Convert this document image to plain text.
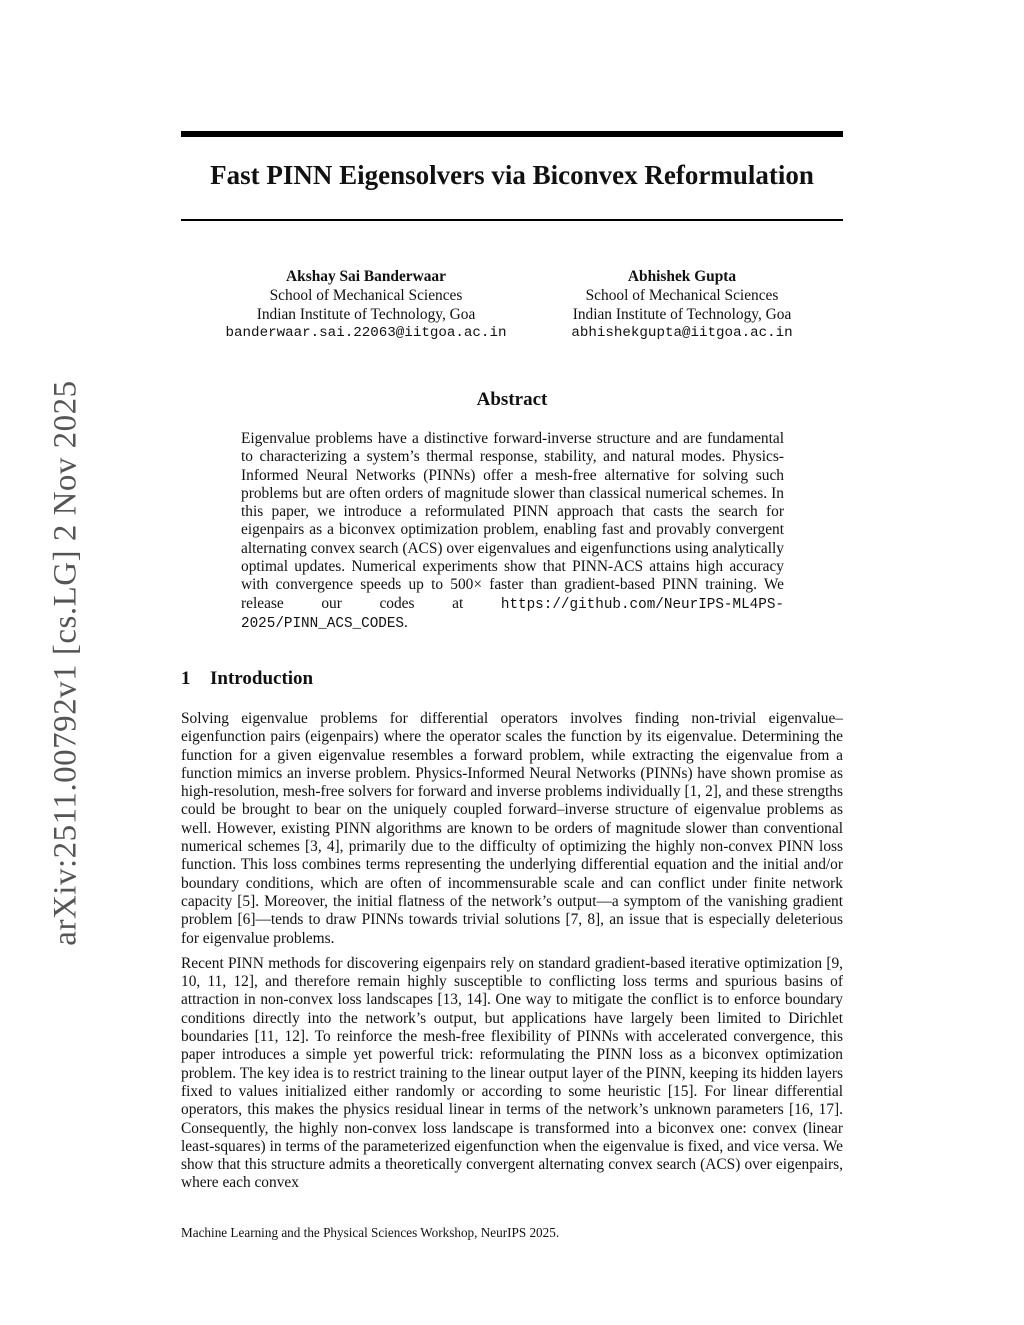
arXiv:2511.00792v1 [cs.LG] 2 Nov 2025
Fast PINN Eigensolvers via Biconvex Reformulation
Akshay Sai Banderwaar
School of Mechanical Sciences
Indian Institute of Technology, Goa
banderwaar.sai.22063@iitgoa.ac.in
Abhishek Gupta
School of Mechanical Sciences
Indian Institute of Technology, Goa
abhishekgupta@iitgoa.ac.in
Abstract

Eigenvalue problems have a distinctive forward-inverse structure and are fundamental to characterizing a system’s thermal response, stability, and natural modes. Physics-Informed Neural Networks (PINNs) offer a mesh-free alternative for solving such problems but are often orders of magnitude slower than classical numerical schemes. In this paper, we introduce a reformulated PINN approach that casts the search for eigenpairs as a biconvex optimization problem, enabling fast and provably convergent alternating convex search (ACS) over eigenvalues and eigenfunctions using analytically optimal updates. Numerical experiments show that PINN-ACS attains high accuracy with convergence speeds up to 500× faster than gradient-based PINN training. We release our codes at	https://github.com/NeurIPS-ML4PS-2025/PINN_ACS_CODES.

1 Introduction

Solving eigenvalue problems for differential operators involves finding non-trivial eigenvalue–eigenfunction pairs (eigenpairs) where the operator scales the function by its eigenvalue. Determining the function for a given eigenvalue resembles a forward problem, while extracting the eigenvalue from a function mimics an inverse problem. Physics-Informed Neural Networks (PINNs) have shown promise as high-resolution, mesh-free solvers for forward and inverse problems individually [1, 2], and these strengths could be brought to bear on the uniquely coupled forward–inverse structure of eigenvalue problems as well. However, existing PINN algorithms are known to be orders of magnitude slower than conventional numerical schemes [3, 4], primarily due to the difficulty of optimizing the highly non-convex PINN loss function. This loss combines terms representing the underlying differential equation and the initial and/or boundary conditions, which are often of incommensurable scale and can conflict under finite network capacity [5]. Moreover, the initial flatness of the network’s output—a symptom of the vanishing gradient problem [6]—tends to draw PINNs towards trivial solutions [7, 8], an issue that is especially deleterious for eigenvalue problems.

Recent PINN methods for discovering eigenpairs rely on standard gradient-based iterative optimization [9, 10, 11, 12], and therefore remain highly susceptible to conflicting loss terms and spurious basins of attraction in non-convex loss landscapes [13, 14]. One way to mitigate the conflict is to enforce boundary conditions directly into the network’s output, but applications have largely been limited to Dirichlet boundaries [11, 12]. To reinforce the mesh-free flexibility of PINNs with accelerated convergence, this paper introduces a simple yet powerful trick: reformulating the PINN loss as a biconvex optimization problem. The key idea is to restrict training to the linear output layer of the PINN, keeping its hidden layers fixed to values initialized either randomly or according to some heuristic [15]. For linear differential operators, this makes the physics residual linear in terms of the network’s unknown parameters [16, 17]. Consequently, the highly non-convex loss landscape is transformed into a biconvex one: convex (linear least-squares) in terms of the parameterized eigenfunction when the eigenvalue is fixed, and vice versa. We show that this structure admits a theoretically convergent alternating convex search (ACS) over eigenpairs, where each convex

Machine Learning and the Physical Sciences Workshop, NeurIPS 2025.
